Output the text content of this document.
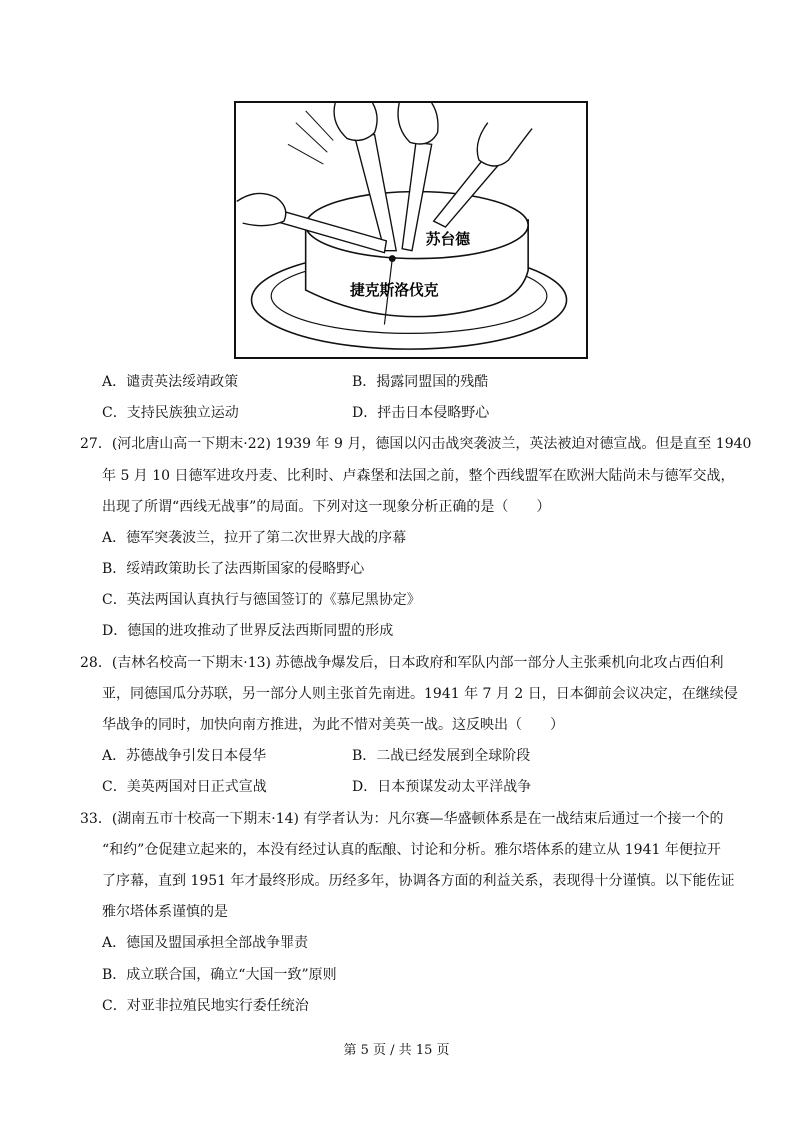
苏台德
捷克斯洛伐克
A．谴责英法绥靖政策	B．揭露同盟国的残酷
C．支持民族独立运动	D．抨击日本侵略野心
27．(河北唐山高一下期末·22) 1939 年 9 月，德国以闪击战突袭波兰，英法被迫对德宣战。但是直至 1940
年 5 月 10 日德军进攻丹麦、比利时、卢森堡和法国之前，整个西线盟军在欧洲大陆尚未与德军交战，
出现了所谓“西线无战事”的局面。下列对这一现象分析正确的是（　　）
A．德军突袭波兰，拉开了第二次世界大战的序幕
B．绥靖政策助长了法西斯国家的侵略野心
C．英法两国认真执行与德国签订的《慕尼黑协定》
D．德国的进攻推动了世界反法西斯同盟的形成
28．(吉林名校高一下期末·13) 苏德战争爆发后，日本政府和军队内部一部分人主张乘机向北攻占西伯利
亚，同德国瓜分苏联，另一部分人则主张首先南进。1941 年 7 月 2 日，日本御前会议决定，在继续侵
华战争的同时，加快向南方推进，为此不惜对美英一战。这反映出（　　）
A．苏德战争引发日本侵华	B．二战已经发展到全球阶段
C．美英两国对日正式宣战	D．日本预谋发动太平洋战争
33．(湖南五市十校高一下期末·14) 有学者认为：凡尔赛—华盛顿体系是在一战结束后通过一个接一个的
“和约”仓促建立起来的，本没有经过认真的酝酿、讨论和分析。雅尔塔体系的建立从 1941 年便拉开
了序幕，直到 1951 年才最终形成。历经多年，协调各方面的利益关系，表现得十分谨慎。以下能佐证
雅尔塔体系谨慎的是
A．德国及盟国承担全部战争罪责
B．成立联合国，确立“大国一致”原则
C．对亚非拉殖民地实行委任统治
第 5 页 / 共 15 页
